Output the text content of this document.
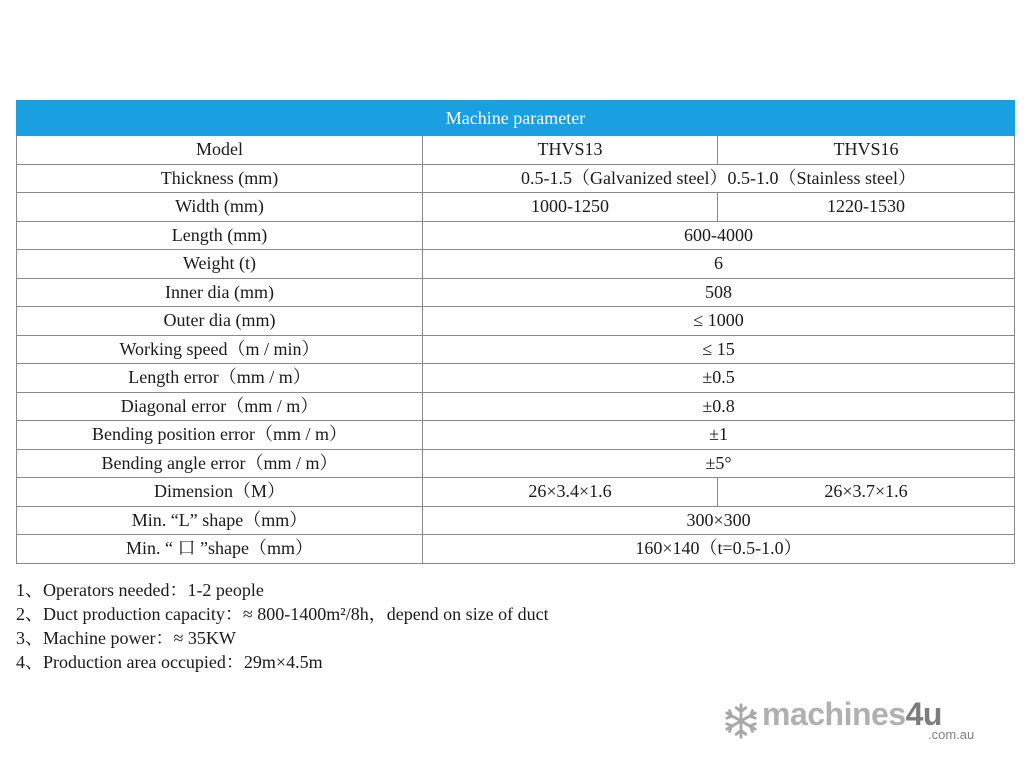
Machine parameter		
Model	THVS13	THVS16
Thickness (mm)	0.5-1.5（Galvanized steel）0.5-1.0（Stainless steel）	
Width (mm)	1000-1250	1220-1530
Length (mm)	600-4000	
Weight (t)	6	
Inner dia (mm)	508	
Outer dia (mm)	≤ 1000	
Working speed（m / min）	≤ 15	
Length error（mm / m）	±0.5	
Diagonal error（mm / m）	±0.8	
Bending position error（mm / m）	±1	
Bending angle error（mm / m）	±5°	
Dimension（M）	26×3.4×1.6	26×3.7×1.6
Min. “L” shape（mm）	300×300	
Min. “ 口 ”shape（mm）	160×140（t=0.5-1.0）	
1、Operators needed：1-2 people
2、Duct production capacity：≈ 800-1400m²/8h，depend on size of duct
3、Machine power：≈ 35KW
4、Production area occupied：29m×4.5m
machines4u
.com.au
